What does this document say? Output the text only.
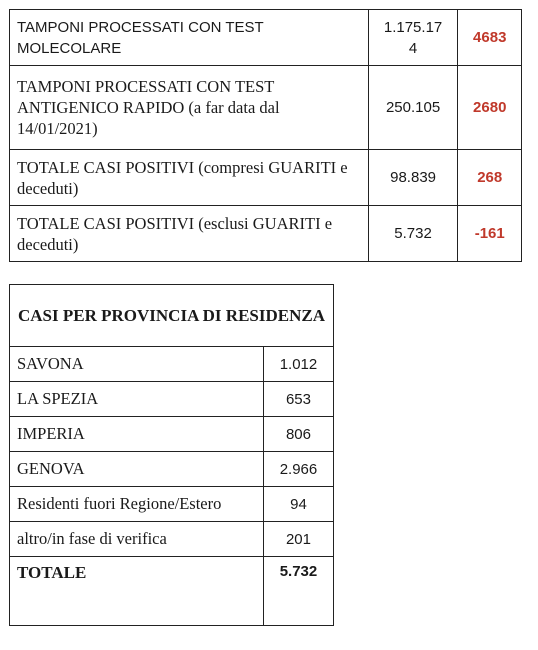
TAMPONI PROCESSATI CON TEST MOLECOLARE	1.175.174	4683
TAMPONI PROCESSATI CON TEST ANTIGENICO RAPIDO (a far data dal 14/01/2021)	250.105	2680
TOTALE CASI POSITIVI (compresi GUARITI e deceduti)	98.839	268
TOTALE CASI POSITIVI (esclusi GUARITI e deceduti)	5.732	-161
CASI PER PROVINCIA DI RESIDENZA	
SAVONA	1.012
LA SPEZIA	653
IMPERIA	806
GENOVA	2.966
Residenti fuori Regione/Estero	94
altro/in fase di verifica	201
TOTALE	5.732
